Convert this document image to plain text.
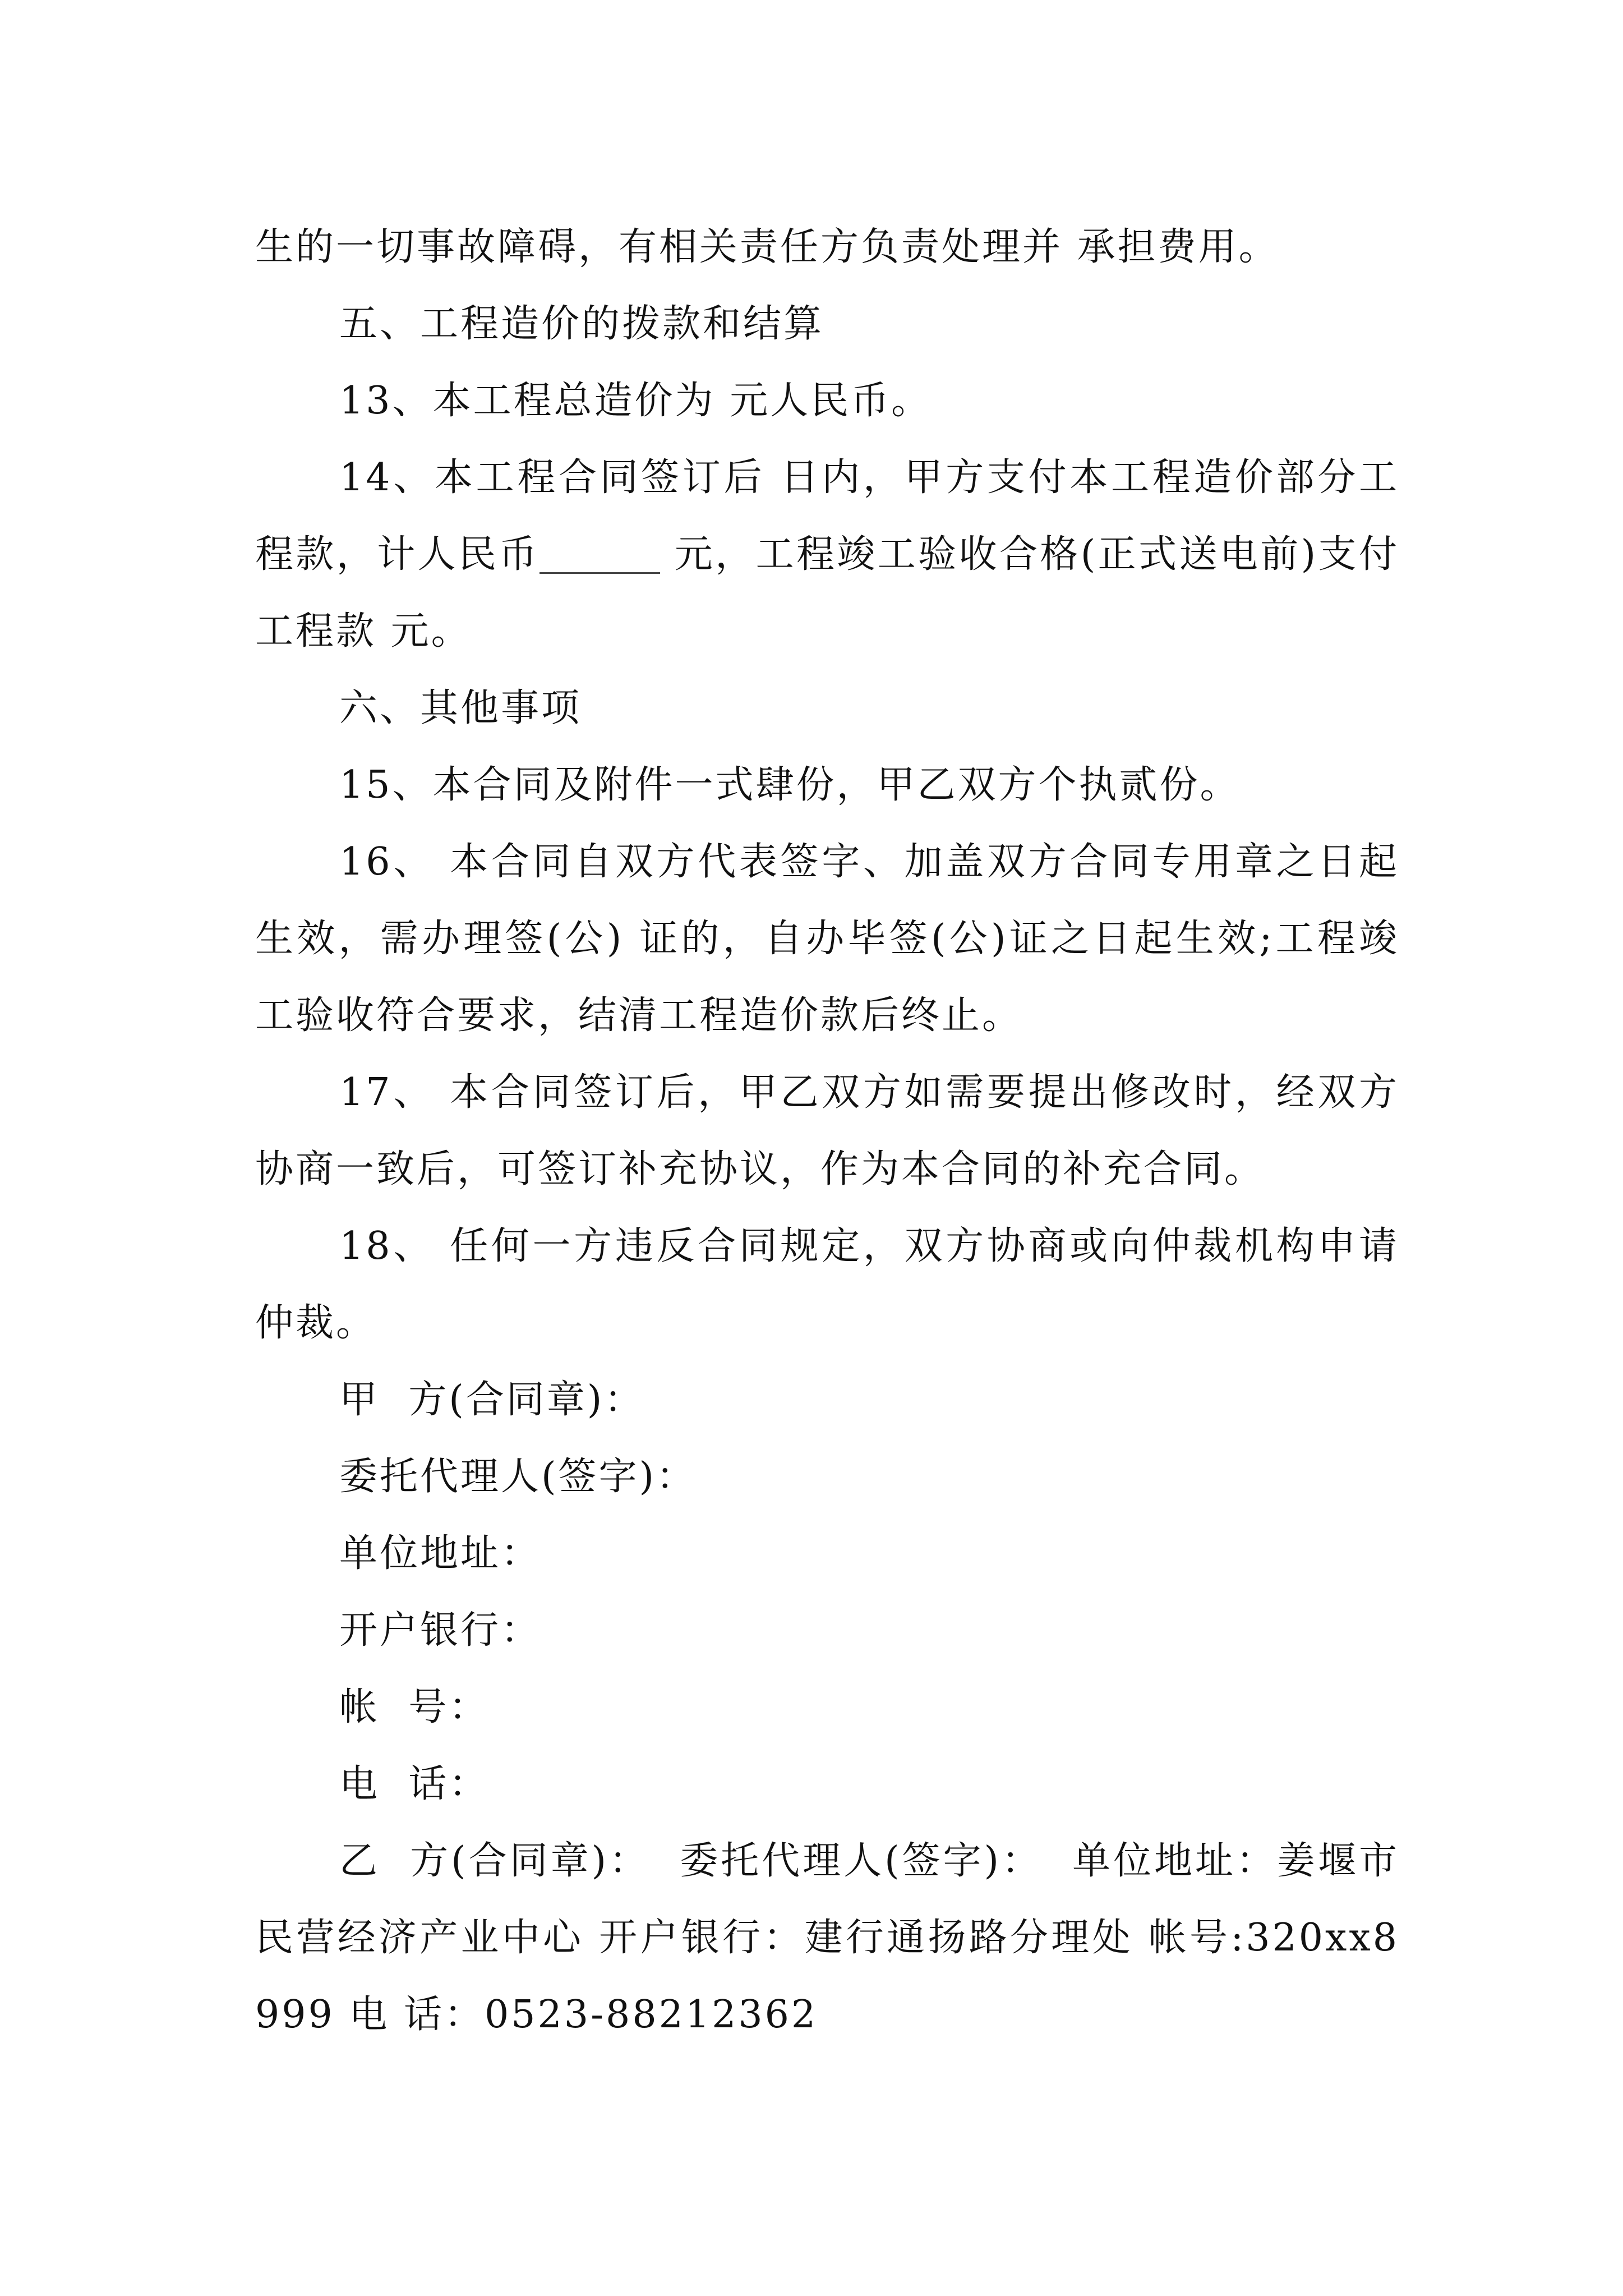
生的一切事故障碍，有相关责任方负责处理并 承担费用。

五、工程造价的拨款和结算

13、本工程总造价为 元人民币。

14、本工程合同签订后 日内，甲方支付本工程造价部分工程款，计人民币	元，工程竣工验收合格(正式送电前)支付工程款 元。

六、其他事项

15、本合同及附件一式肆份，甲乙双方个执贰份。

16、 本合同自双方代表签字、加盖双方合同专用章之日起生效，需办理签(公) 证的，自办毕签(公)证之日起生效;工程竣工验收符合要求，结清工程造价款后终止。

17、 本合同签订后，甲乙双方如需要提出修改时，经双方协商一致后，可签订补充协议，作为本合同的补充合同。

18、 任何一方违反合同规定，双方协商或向仲裁机构申请仲裁。

甲  方(合同章)：

委托代理人(签字)：

单位地址：

开户银行：

帐  号：

电  话：

乙  方(合同章)：  委托代理人(签字)：  单位地址：姜堰市民营经济产业中心 开户银行：建行通扬路分理处 帐号:320xx8999 电 话：0523-88212362
